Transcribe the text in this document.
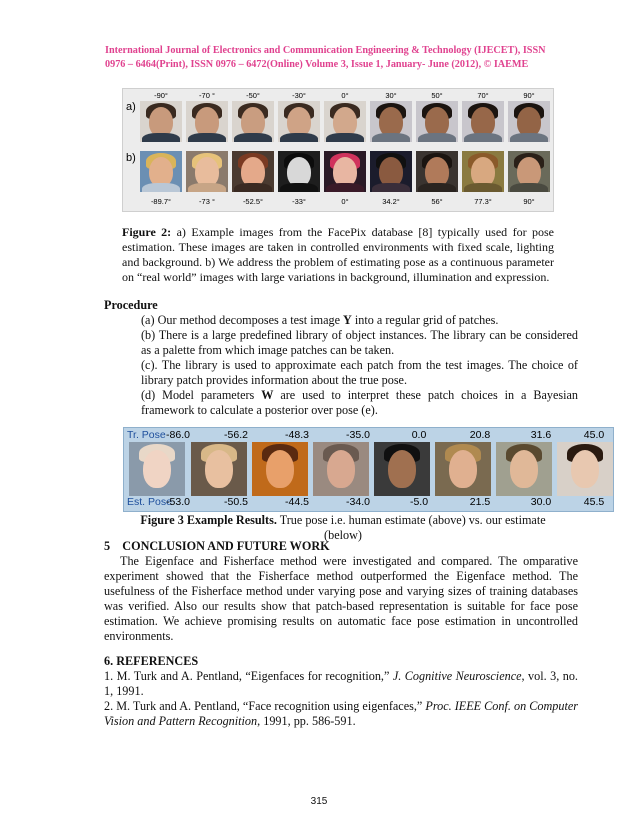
International Journal of Electronics and Communication Engineering & Technology (IJECET), ISSN
0976 – 6464(Print), ISSN 0976 – 6472(Online) Volume 3, Issue 1, January- June (2012), © IAEME
a)
b)
-90°	-70 °	-50°	-30°	0°	30°	50°	70°	90°
-89.7°	-73 °	-52.5°	-33°	0°	34.2°	56°	77.3°	90°
Figure 2: a) Example images from the FacePix database [8] typically used for pose estimation. These images are taken in controlled environments with fixed scale, lighting and background. b) We address the problem of estimating pose as a continuous parameter on “real world” images with large variations in background, illumination and expression.
Procedure
(a) Our method decomposes a test image Y into a regular grid of patches.
(b) There is a large predefined library of object instances. The library can be considered as a palette from which image patches can be taken.
(c). The library is used to approximate each patch from the test images. The choice of library patch provides information about the true pose.
(d) Model parameters W are used to interpret these patch choices in a Bayesian framework to calculate a posterior over pose (e).
Tr. Pose
Est. Pose
-86.0	-56.2	-48.3	-35.0	0.0	20.8	31.6	45.0
-53.0	-50.5	-44.5	-34.0	-5.0	21.5	30.0	45.5
Figure 3 Example Results. True pose i.e. human estimate (above) vs. our estimate
(below)
5    CONCLUSION AND FUTURE WORK
The Eigenface and Fisherface method were investigated and compared. The omparative experiment showed that the Fisherface method outperformed the Eigenface method. The usefulness of the Fisherface method under varying pose and varying sizes of training databases was verified. Also our results show that patch-based representation is suitable for face pose estimation. We achieve promising results on automatic face pose estimation in uncontrolled environments.
6. REFERENCES
1. M. Turk and A. Pentland, “Eigenfaces for recognition,” J. Cognitive Neuroscience, vol. 3, no. 1, 1991.
2. M. Turk and A. Pentland, “Face recognition using eigenfaces,” Proc. IEEE Conf. on Computer Vision and Pattern Recognition, 1991, pp. 586-591.
315
